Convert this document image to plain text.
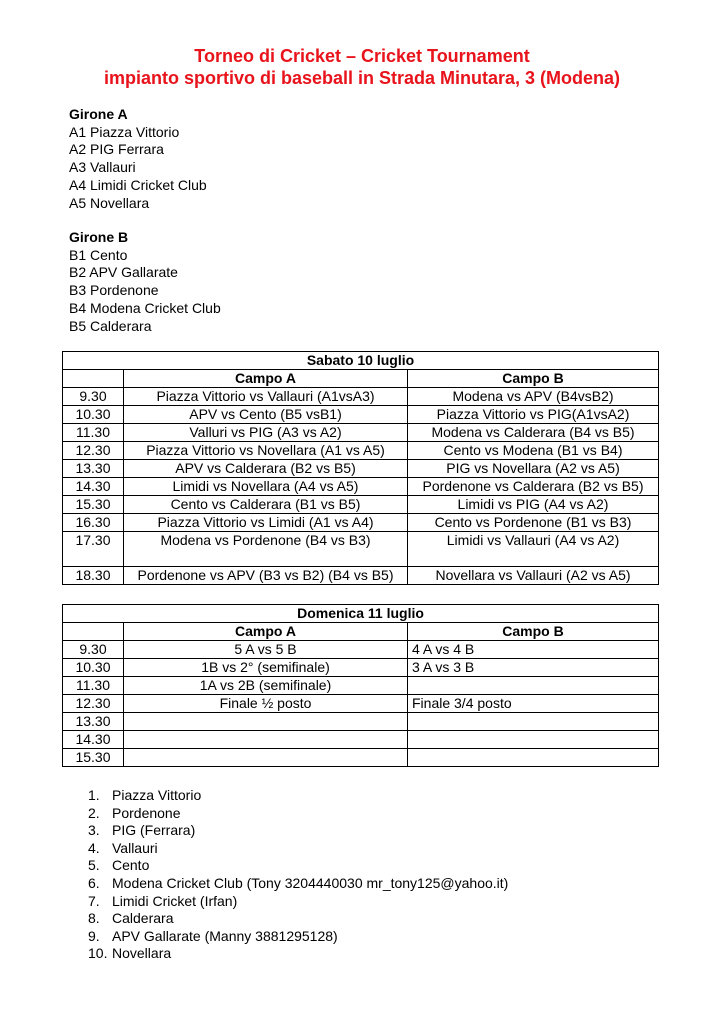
Torneo di Cricket – Cricket Tournament
impianto sportivo di baseball in Strada Minutara, 3 (Modena)
Girone A
A1 Piazza Vittorio
A2 PIG Ferrara
A3 Vallauri
A4 Limidi Cricket Club
A5 Novellara
Girone B
B1 Cento
B2 APV Gallarate
B3 Pordenone
B4 Modena Cricket Club
B5 Calderara
Sabato 10 luglio		
	Campo A	Campo B
9.30	Piazza Vittorio vs Vallauri (A1vsA3)	Modena vs APV (B4vsB2)
10.30	APV vs Cento (B5 vsB1)	Piazza Vittorio vs PIG(A1vsA2)
11.30	Valluri vs PIG (A3 vs A2)	Modena vs Calderara (B4 vs B5)
12.30	Piazza Vittorio vs Novellara (A1 vs A5)	Cento vs Modena (B1 vs B4)
13.30	APV vs Calderara (B2 vs B5)	PIG vs Novellara (A2 vs A5)
14.30	Limidi vs Novellara (A4 vs A5)	Pordenone vs Calderara (B2 vs B5)
15.30	Cento vs Calderara (B1 vs B5)	Limidi vs PIG (A4 vs A2)
16.30	Piazza Vittorio vs Limidi (A1 vs A4)	Cento vs Pordenone (B1 vs B3)
17.30	Modena vs Pordenone (B4 vs B3)	Limidi vs Vallauri (A4 vs A2)
18.30	Pordenone vs APV (B3 vs B2) (B4 vs B5)	Novellara vs Vallauri (A2 vs A5)
Domenica 11 luglio		
	Campo A	Campo B
9.30	5 A vs 5 B	4 A vs 4 B
10.30	1B vs 2° (semifinale)	3 A vs 3 B
11.30	1A vs 2B (semifinale)	
12.30	Finale ½ posto	Finale 3/4 posto
13.30		
14.30		
15.30		
1. Piazza Vittorio
2. Pordenone
3. PIG (Ferrara)
4. Vallauri
5. Cento
6. Modena Cricket Club (Tony 3204440030 mr_tony125@yahoo.it)
7. Limidi Cricket (Irfan)
8. Calderara
9. APV Gallarate (Manny 3881295128)
10. Novellara
